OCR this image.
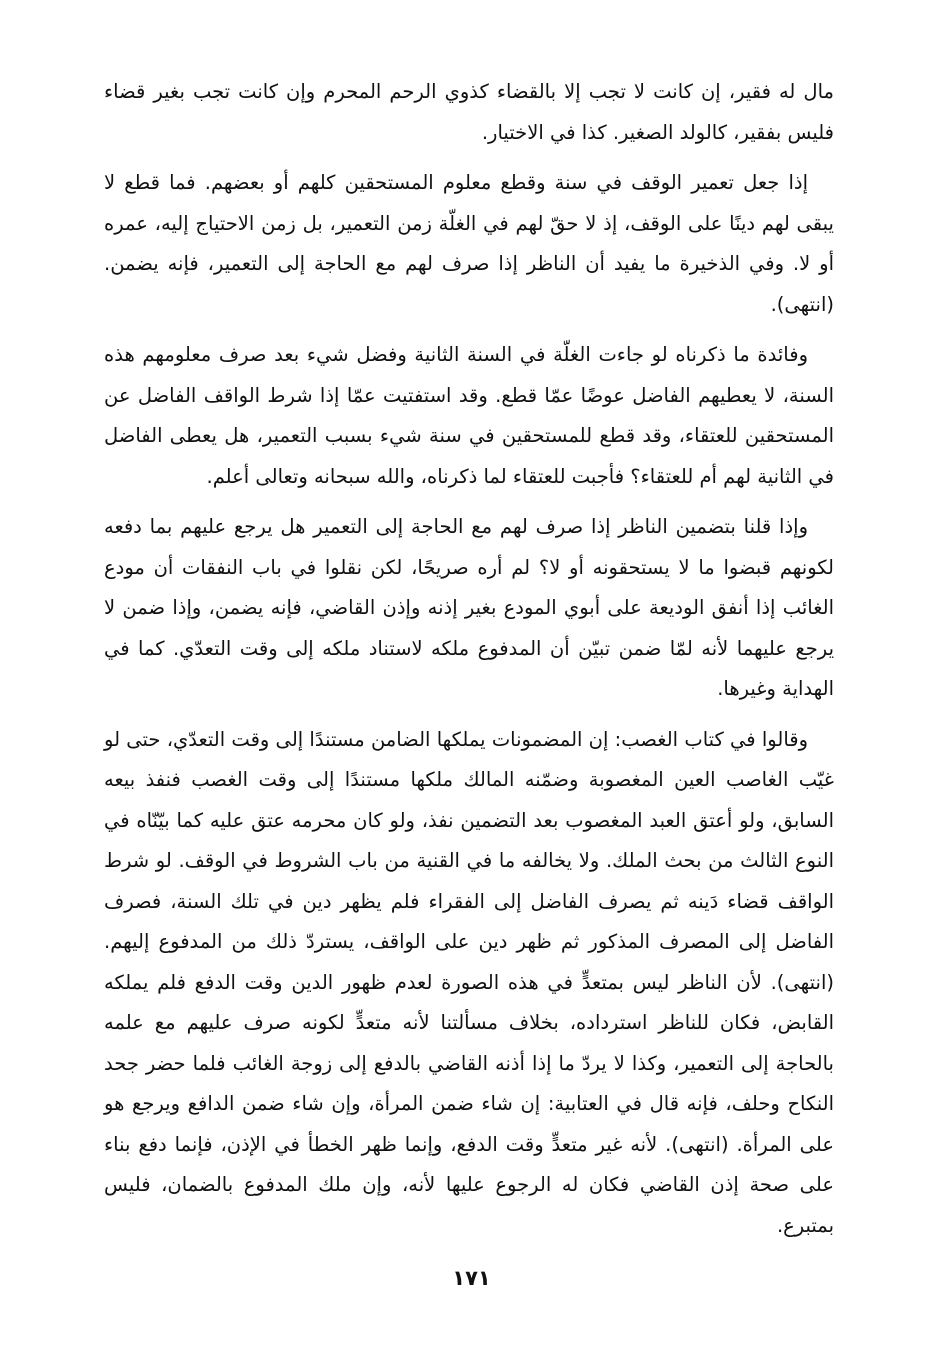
مال له فقير، إن كانت لا تجب إلا بالقضاء كذوي الرحم المحرم وإن كانت تجب بغير قضاء فليس بفقير، كالولد الصغير. كذا في الاختيار.

إذا جعل تعمير الوقف في سنة وقطع معلوم المستحقين كلهم أو بعضهم. فما قطع لا يبقى لهم دينًا على الوقف، إذ لا حقّ لهم في الغلّة زمن التعمير، بل زمن الاحتياج إليه، عمره أو لا. وفي الذخيرة ما يفيد أن الناظر إذا صرف لهم مع الحاجة إلى التعمير، فإنه يضمن. (انتهى).

وفائدة ما ذكرناه لو جاءت الغلّة في السنة الثانية وفضل شيء بعد صرف معلومهم هذه السنة، لا يعطيهم الفاضل عوضًا عمّا قطع. وقد استفتيت عمّا إذا شرط الواقف الفاضل عن المستحقين للعتقاء، وقد قطع للمستحقين في سنة شيء بسبب التعمير، هل يعطى الفاضل في الثانية لهم أم للعتقاء؟ فأجبت للعتقاء لما ذكرناه، والله سبحانه وتعالى أعلم.

وإذا قلنا بتضمين الناظر إذا صرف لهم مع الحاجة إلى التعمير هل يرجع عليهم بما دفعه لكونهم قبضوا ما لا يستحقونه أو لا؟ لم أره صريحًا، لكن نقلوا في باب النفقات أن مودع الغائب إذا أنفق الوديعة على أبوي المودع بغير إذنه وإذن القاضي، فإنه يضمن، وإذا ضمن لا يرجع عليهما لأنه لمّا ضمن تبيّن أن المدفوع ملكه لاستناد ملكه إلى وقت التعدّي. كما في الهداية وغيرها.

وقالوا في كتاب الغصب: إن المضمونات يملكها الضامن مستندًا إلى وقت التعدّي، حتى لو غيّب الغاصب العين المغصوبة وضمّنه المالك ملكها مستندًا إلى وقت الغصب فنفذ بيعه السابق، ولو أعتق العبد المغصوب بعد التضمين نفذ، ولو كان محرمه عتق عليه كما بيّنّاه في النوع الثالث من بحث الملك. ولا يخالفه ما في القنية من باب الشروط في الوقف. لو شرط الواقف قضاء دَينه ثم يصرف الفاضل إلى الفقراء فلم يظهر دين في تلك السنة، فصرف الفاضل إلى المصرف المذكور ثم ظهر دين على الواقف، يستردّ ذلك من المدفوع إليهم. (انتهى). لأن الناظر ليس بمتعدٍّ في هذه الصورة لعدم ظهور الدين وقت الدفع فلم يملكه القابض، فكان للناظر استرداده، بخلاف مسألتنا لأنه متعدٍّ لكونه صرف عليهم مع علمه بالحاجة إلى التعمير، وكذا لا يردّ ما إذا أذنه القاضي بالدفع إلى زوجة الغائب فلما حضر جحد النكاح وحلف، فإنه قال في العتابية: إن شاء ضمن المرأة، وإن شاء ضمن الدافع ويرجع هو على المرأة. (انتهى). لأنه غير متعدٍّ وقت الدفع، وإنما ظهر الخطأ في الإذن، فإنما دفع بناء على صحة إذن القاضي فكان له الرجوع عليها لأنه، وإن ملك المدفوع بالضمان، فليس بمتبرع.

١٧١
